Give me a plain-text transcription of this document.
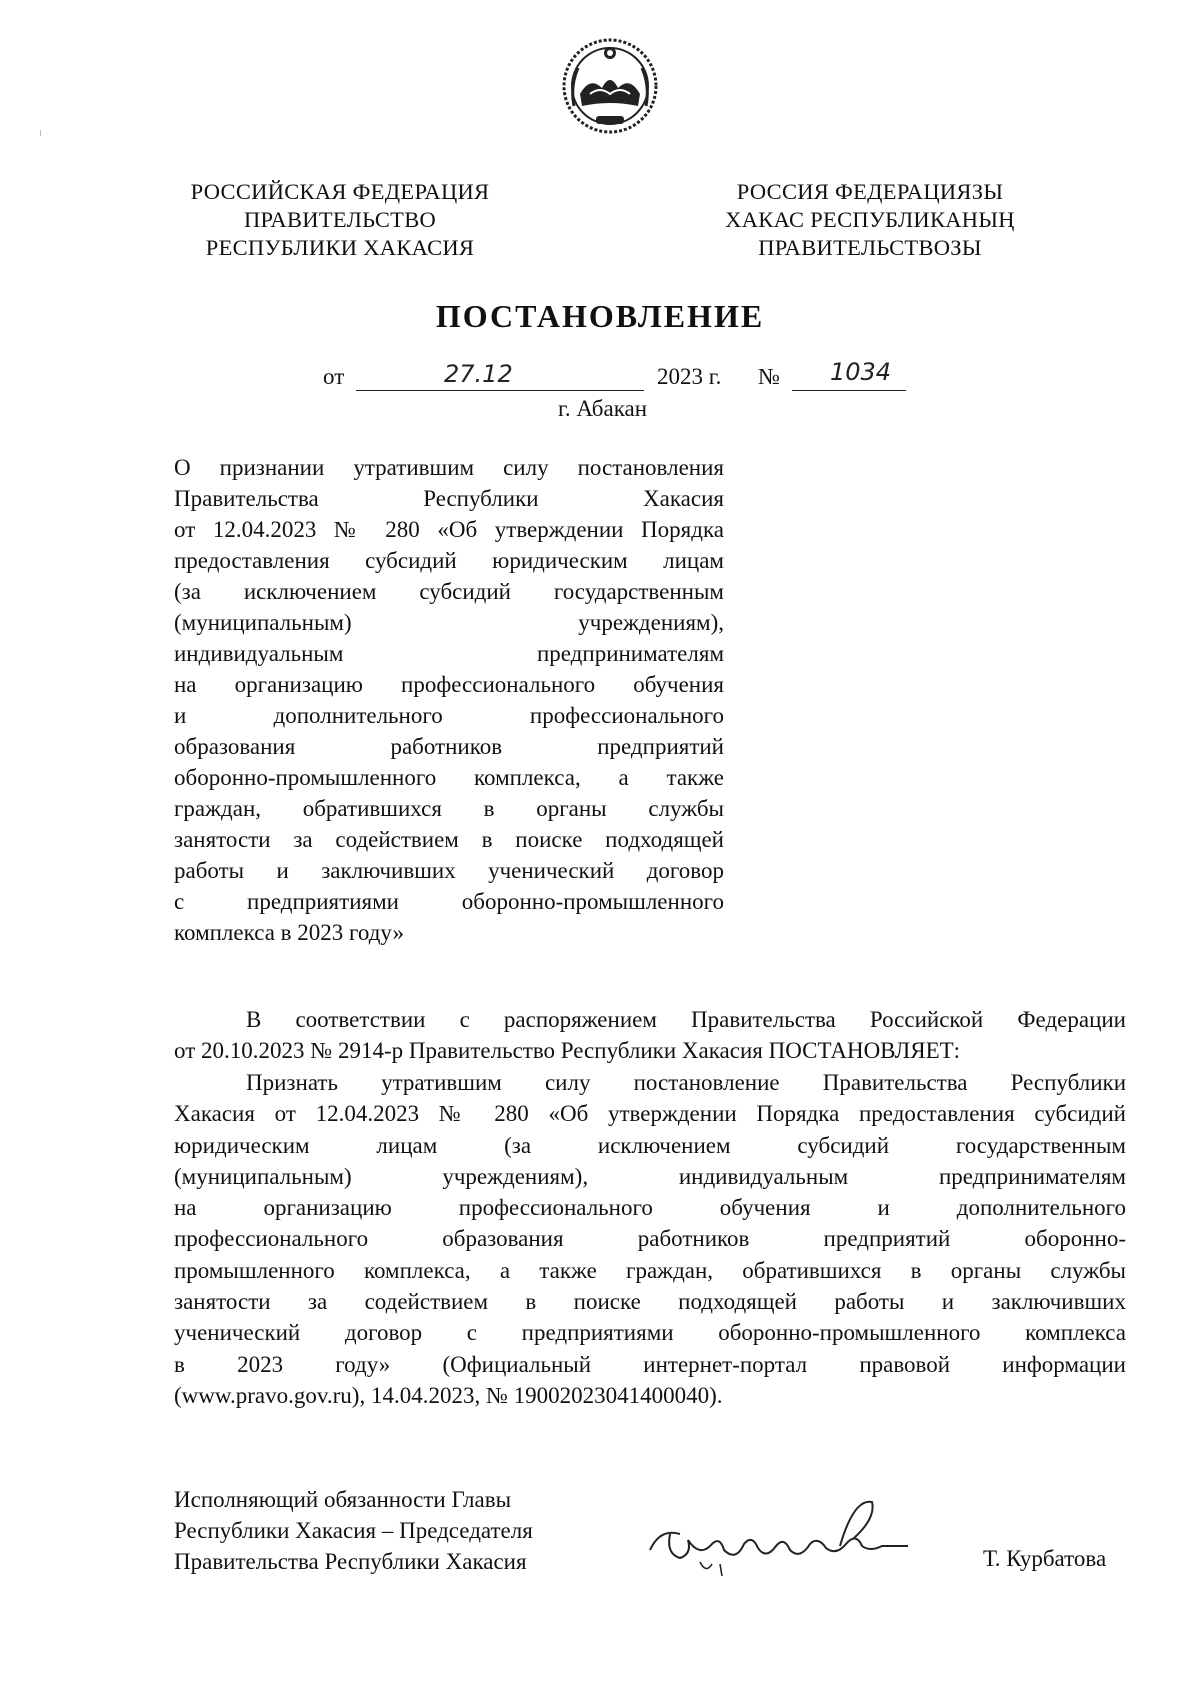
РОССИЙСКАЯ ФЕДЕРАЦИЯ
ПРАВИТЕЛЬСТВО
РЕСПУБЛИКИ ХАКАСИЯ
РОССИЯ ФЕДЕРАЦИЯЗЫ
ХАКАС РЕСПУБЛИКАНЫҢ
ПРАВИТЕЛЬСТВОЗЫ
ПОСТАНОВЛЕНИЕ
от	27.12	2023 г. № 1034
г. Абакан
О признании утратившим силу постановления
Правительства Республики Хакасия
от 12.04.2023 № 280 «Об утверждении Порядка
предоставления субсидий юридическим лицам
(за исключением субсидий государственным
(муниципальным) учреждениям),
индивидуальным предпринимателям
на организацию профессионального обучения
и дополнительного профессионального
образования работников предприятий
оборонно-промышленного комплекса, а также
граждан, обратившихся в органы службы
занятости за содействием в поиске подходящей
работы и заключивших ученический договор
с предприятиями оборонно-промышленного
комплекса в 2023 году»
В соответствии с распоряжением Правительства Российской Федерации
от 20.10.2023 № 2914-р Правительство Республики Хакасия ПОСТАНОВЛЯЕТ:
Признать утратившим силу постановление Правительства Республики
Хакасия от 12.04.2023 № 280 «Об утверждении Порядка предоставления субсидий
юридическим лицам (за исключением субсидий государственным
(муниципальным) учреждениям), индивидуальным предпринимателям
на организацию профессионального обучения и дополнительного
профессионального образования работников предприятий оборонно-
промышленного комплекса, а также граждан, обратившихся в органы службы
занятости за содействием в поиске подходящей работы и заключивших
ученический договор с предприятиями оборонно-промышленного комплекса
в 2023 году» (Официальный интернет-портал правовой информации
(www.pravo.gov.ru), 14.04.2023, № 19002023041400040).
Исполняющий обязанности Главы
Республики Хакасия – Председателя
Правительства Республики Хакасия	Т. Курбатова
